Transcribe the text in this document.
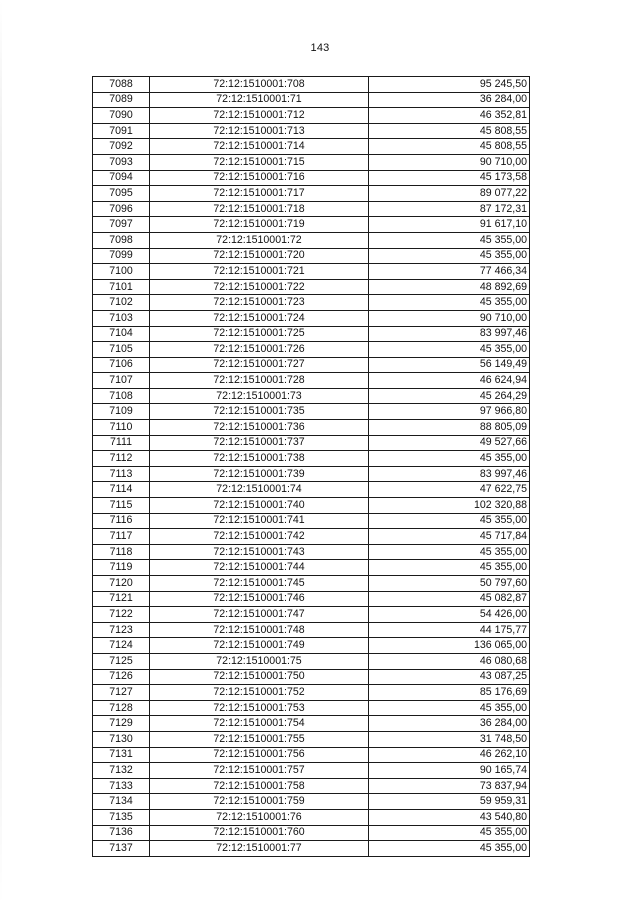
143
7088	72:12:1510001:708	95 245,50
7089	72:12:1510001:71	36 284,00
7090	72:12:1510001:712	46 352,81
7091	72:12:1510001:713	45 808,55
7092	72:12:1510001:714	45 808,55
7093	72:12:1510001:715	90 710,00
7094	72:12:1510001:716	45 173,58
7095	72:12:1510001:717	89 077,22
7096	72:12:1510001:718	87 172,31
7097	72:12:1510001:719	91 617,10
7098	72:12:1510001:72	45 355,00
7099	72:12:1510001:720	45 355,00
7100	72:12:1510001:721	77 466,34
7101	72:12:1510001:722	48 892,69
7102	72:12:1510001:723	45 355,00
7103	72:12:1510001:724	90 710,00
7104	72:12:1510001:725	83 997,46
7105	72:12:1510001:726	45 355,00
7106	72:12:1510001:727	56 149,49
7107	72:12:1510001:728	46 624,94
7108	72:12:1510001:73	45 264,29
7109	72:12:1510001:735	97 966,80
7110	72:12:1510001:736	88 805,09
7111	72:12:1510001:737	49 527,66
7112	72:12:1510001:738	45 355,00
7113	72:12:1510001:739	83 997,46
7114	72:12:1510001:74	47 622,75
7115	72:12:1510001:740	102 320,88
7116	72:12:1510001:741	45 355,00
7117	72:12:1510001:742	45 717,84
7118	72:12:1510001:743	45 355,00
7119	72:12:1510001:744	45 355,00
7120	72:12:1510001:745	50 797,60
7121	72:12:1510001:746	45 082,87
7122	72:12:1510001:747	54 426,00
7123	72:12:1510001:748	44 175,77
7124	72:12:1510001:749	136 065,00
7125	72:12:1510001:75	46 080,68
7126	72:12:1510001:750	43 087,25
7127	72:12:1510001:752	85 176,69
7128	72:12:1510001:753	45 355,00
7129	72:12:1510001:754	36 284,00
7130	72:12:1510001:755	31 748,50
7131	72:12:1510001:756	46 262,10
7132	72:12:1510001:757	90 165,74
7133	72:12:1510001:758	73 837,94
7134	72:12:1510001:759	59 959,31
7135	72:12:1510001:76	43 540,80
7136	72:12:1510001:760	45 355,00
7137	72:12:1510001:77	45 355,00
